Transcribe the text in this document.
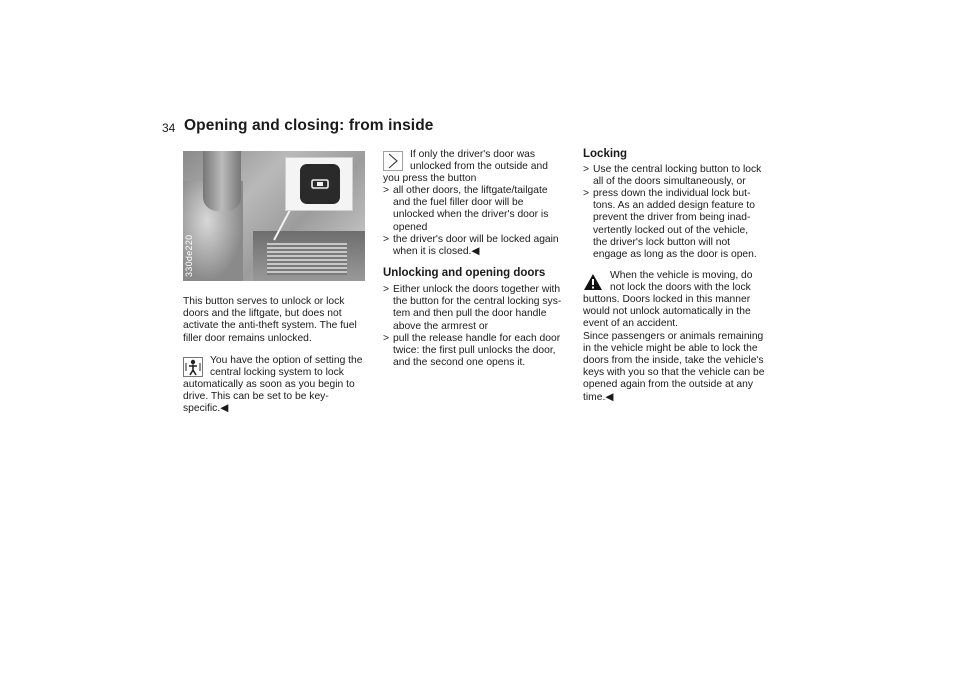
34 Opening and closing: from inside
330de220
This button serves to unlock or lock
doors and the liftgate, but does not
activate the anti-theft system. The fuel
filler door remains unlocked.
You have the option of setting the
central locking system to lock
automatically as soon as you begin to
drive. This can be set to be key-
specific.◀
If only the driver's door was
unlocked from the outside and
you press the button
> all other doors, the liftgate/tailgate
and the fuel filler door will be
unlocked when the driver's door is
opened
> the driver's door will be locked again
when it is closed.◀
Unlocking and opening doors
> Either unlock the doors together with
the button for the central locking sys-
tem and then pull the door handle
above the armrest or
> pull the release handle for each door
twice: the first pull unlocks the door,
and the second one opens it.
Locking
> Use the central locking button to lock
all of the doors simultaneously, or
> press down the individual lock but-
tons. As an added design feature to
prevent the driver from being inad-
vertently locked out of the vehicle,
the driver's lock button will not
engage as long as the door is open.
When the vehicle is moving, do
not lock the doors with the lock
buttons. Doors locked in this manner
would not unlock automatically in the
event of an accident.
Since passengers or animals remaining
in the vehicle might be able to lock the
doors from the inside, take the vehicle's
keys with you so that the vehicle can be
opened again from the outside at any
time.◀
